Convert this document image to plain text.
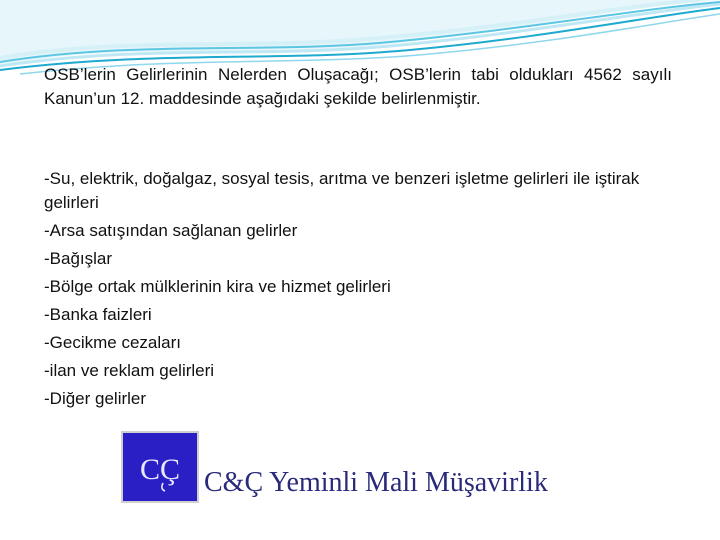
OSB’lerin Gelirlerinin Nelerden Oluşacağı; OSB’lerin tabi oldukları 4562 sayılı Kanun’un 12. maddesinde aşağıdaki şekilde belirlenmiştir.
-Su, elektrik, doğalgaz, sosyal tesis, arıtma ve benzeri işletme gelirleri ile iştirak gelirleri
-Arsa satışından sağlanan gelirler
-Bağışlar
-Bölge ortak mülklerinin kira ve hizmet gelirleri
-Banka faizleri
-Gecikme cezaları
-ilan ve reklam gelirleri
-Diğer gelirler
CÇ C&Ç Yeminli Mali Müşavirlik
